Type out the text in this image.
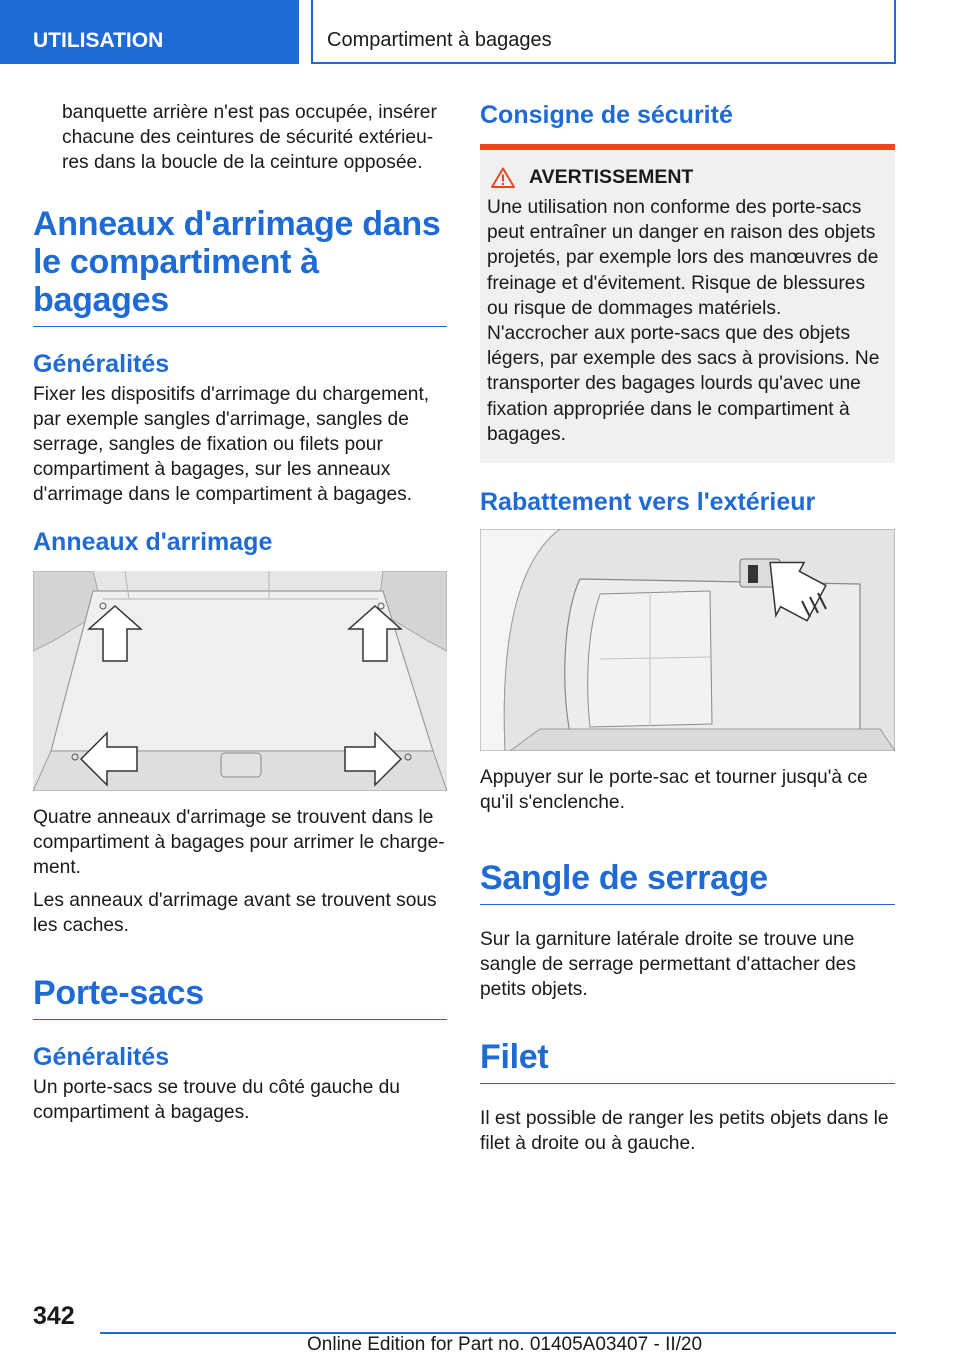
UTILISATION	Compartiment à bagages

banquette arrière n'est pas occupée, insérer chacune des ceintures de sécurité extérieures dans la boucle de la ceinture opposée.

Anneaux d'arrimage dans le compartiment à bagages
Généralités

Fixer les dispositifs d'arrimage du chargement, par exemple sangles d'arrimage, sangles de serrage, sangles de fixation ou filets pour compartiment à bagages, sur les anneaux d'arrimage dans le compartiment à bagages.

Anneaux d'arrimage

Quatre anneaux d'arrimage se trouvent dans le compartiment à bagages pour arrimer le chargement.

Les anneaux d'arrimage avant se trouvent sous les caches.

Porte-sacs
Généralités

Un porte-sacs se trouve du côté gauche du compartiment à bagages.

Consigne de sécurité
AVERTISSEMENT
Une utilisation non conforme des porte-sacs peut entraîner un danger en raison des objets projetés, par exemple lors des manœuvres de freinage et d'évitement. Risque de blessures ou risque de dommages matériels. N'accrocher aux porte-sacs que des objets légers, par exemple des sacs à provisions. Ne transporter des bagages lourds qu'avec une fixation appropriée dans le compartiment à bagages.
Rabattement vers l'extérieur

Appuyer sur le porte-sac et tourner jusqu'à ce qu'il s'enclenche.

Sangle de serrage

Sur la garniture latérale droite se trouve une sangle de serrage permettant d'attacher des petits objets.

Filet

Il est possible de ranger les petits objets dans le filet à droite ou à gauche.

342
Online Edition for Part no. 01405A03407 - II/20
